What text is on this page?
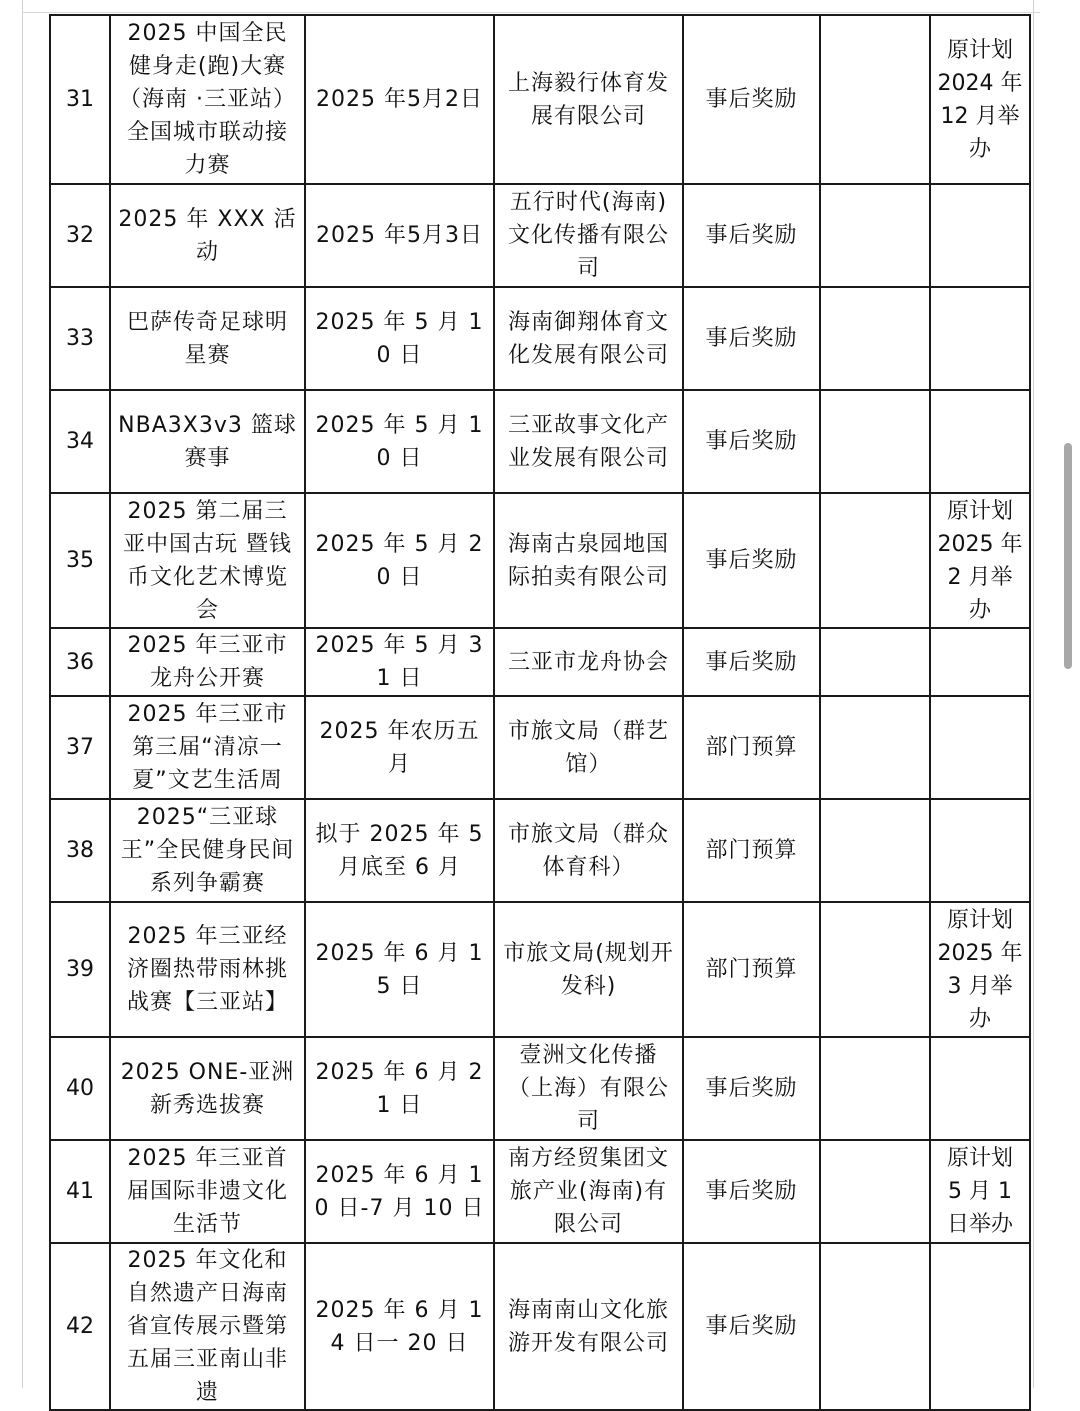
31	2025 中国全民健身走(跑)大赛（海南 ·三亚站）全国城市联动接力赛	2025 年5月2日	上海毅行体育发展有限公司	事后奖励		原计划 2024 年 12 月举办
32	2025 年 XXX 活动	2025 年5月3日	五行时代(海南)文化传播有限公司	事后奖励		
33	巴萨传奇足球明星赛	2025 年 5 月 10 日	海南御翔体育文化发展有限公司	事后奖励		
34	NBA3X3v3 篮球赛事	2025 年 5 月 10 日	三亚故事文化产业发展有限公司	事后奖励		
35	2025 第二届三亚中国古玩 暨钱币文化艺术博览会	2025 年 5 月 20 日	海南古泉园地国际拍卖有限公司	事后奖励		原计划 2025 年 2 月举办
36	2025 年三亚市龙舟公开赛	2025 年 5 月 31 日	三亚市龙舟协会	事后奖励		
37	2025 年三亚市第三届“清凉一夏”文艺生活周	2025 年农历五月	市旅文局（群艺馆）	部门预算		
38	2025“三亚球王”全民健身民间系列争霸赛	拟于 2025 年 5 月底至 6 月	市旅文局（群众体育科）	部门预算		
39	2025 年三亚经济圈热带雨林挑战赛【三亚站】	2025 年 6 月 15 日	市旅文局(规划开发科)	部门预算		原计划 2025 年 3 月举办
40	2025 ONE-亚洲新秀选拔赛	2025 年 6 月 21 日	壹洲文化传播（上海）有限公司	事后奖励		
41	2025 年三亚首届国际非遗文化生活节	2025 年 6 月 10 日-7 月 10 日	南方经贸集团文旅产业(海南)有限公司	事后奖励		原计划 5 月 1 日举办
42	2025 年文化和自然遗产日海南省宣传展示暨第五届三亚南山非遗	2025 年 6 月 14 日一 20 日	海南南山文化旅游开发有限公司	事后奖励		
